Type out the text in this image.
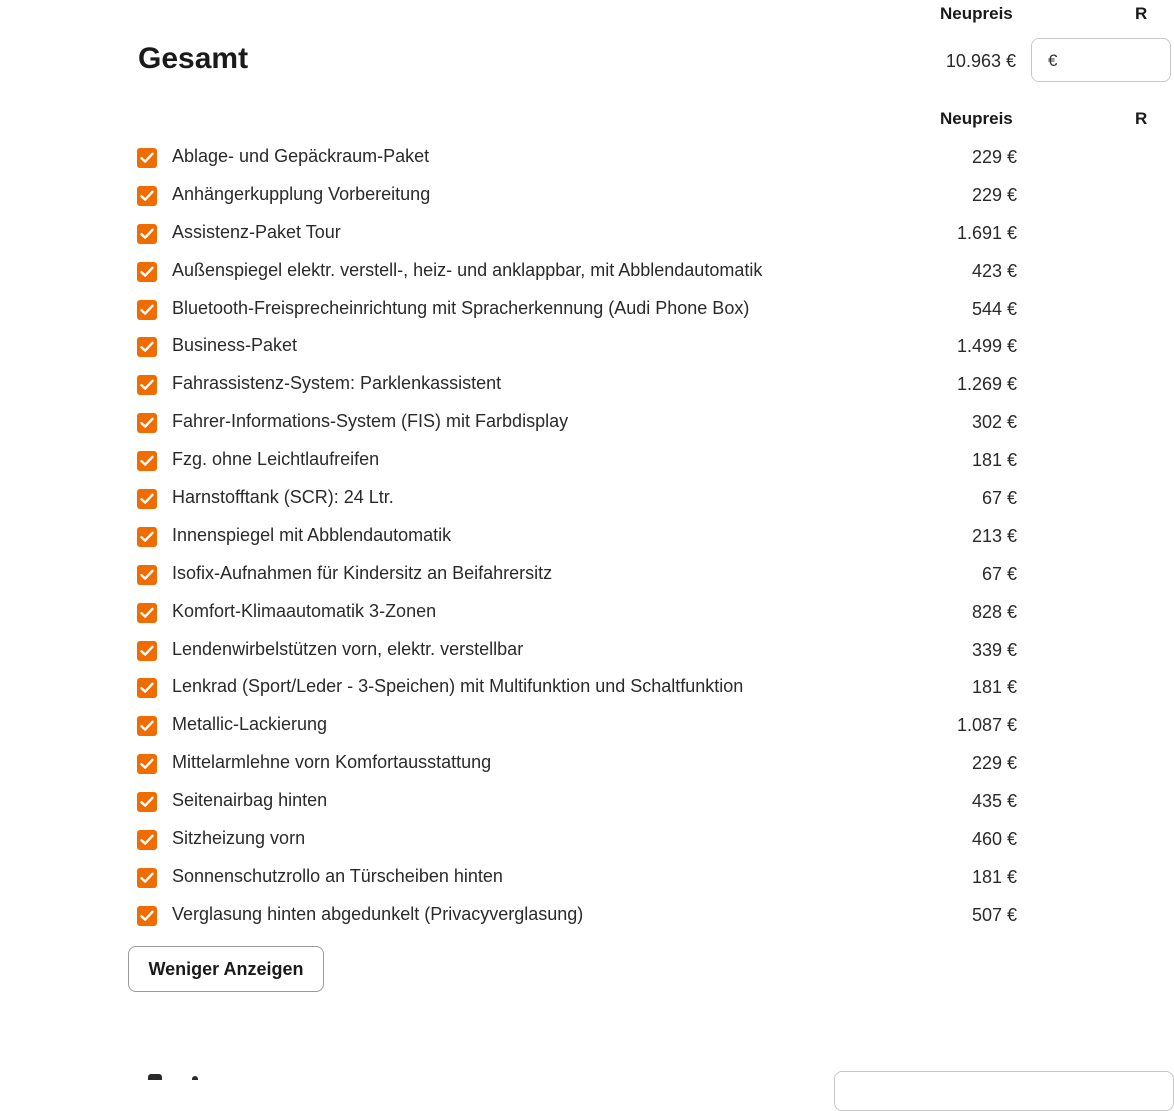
Neupreis	R
Gesamt	10.963 € €
Neupreis	R
Ablage- und Gepäckraum-Paket	229 €
Anhängerkupplung Vorbereitung	229 €
Assistenz-Paket Tour	1.691 €
Außenspiegel elektr. verstell-, heiz- und anklappbar, mit Abblendautomatik	423 €
Bluetooth-Freisprecheinrichtung mit Spracherkennung (Audi Phone Box)	544 €
Business-Paket	1.499 €
Fahrassistenz-System: Parklenkassistent	1.269 €
Fahrer-Informations-System (FIS) mit Farbdisplay	302 €
Fzg. ohne Leichtlaufreifen	181 €
Harnstofftank (SCR): 24 Ltr.	67 €
Innenspiegel mit Abblendautomatik	213 €
Isofix-Aufnahmen für Kindersitz an Beifahrersitz	67 €
Komfort-Klimaautomatik 3-Zonen	828 €
Lendenwirbelstützen vorn, elektr. verstellbar	339 €
Lenkrad (Sport/Leder - 3-Speichen) mit Multifunktion und Schaltfunktion	181 €
Metallic-Lackierung	1.087 €
Mittelarmlehne vorn Komfortausstattung	229 €
Seitenairbag hinten	435 €
Sitzheizung vorn	460 €
Sonnenschutzrollo an Türscheiben hinten	181 €
Verglasung hinten abgedunkelt (Privacyverglasung)	507 €
Weniger Anzeigen
